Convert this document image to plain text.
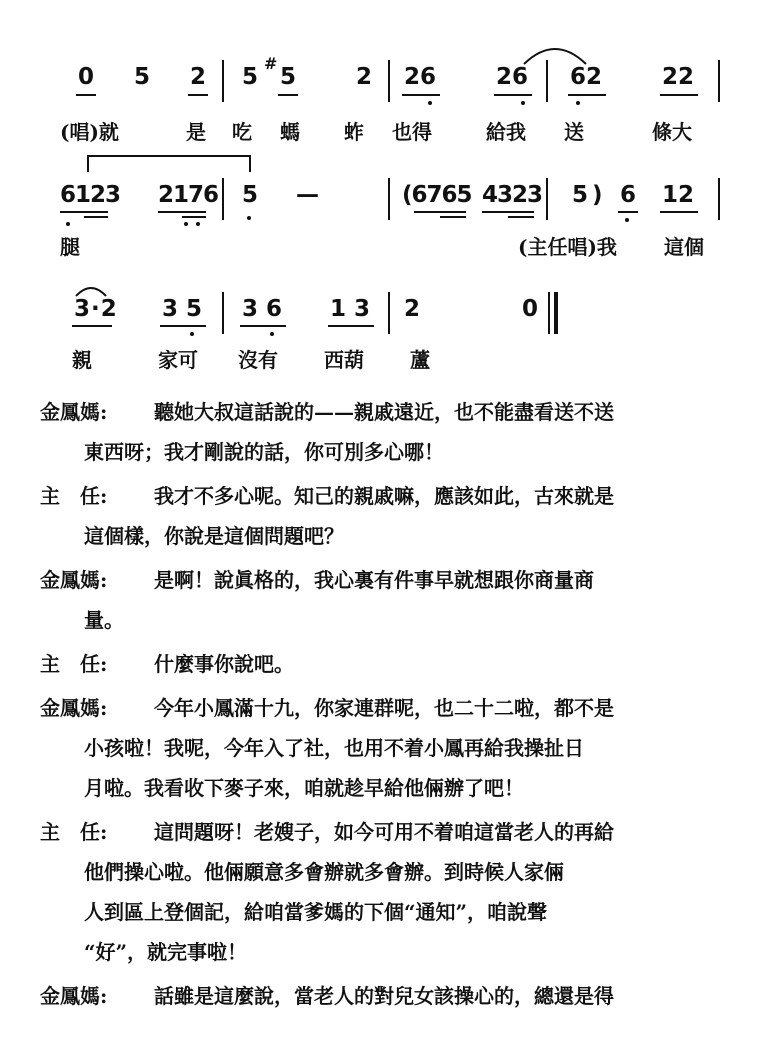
0 5 2 5
#
5	2 26	26 62	22
(唱)就	是 吃 螞 蚱 也得	給我 送	條大
6123 2176 5 —	(6765 4323 5 ) 6 12
腿	(主任唱)我 這個
3·2 35 36 13 2	0
親	家可 沒有 西葫 蘆
金鳳媽: 聽她大叔這話說的——親戚遠近，也不能盡看送不送
東西呀；我才剛說的話，你可別多心哪！
主　任: 我才不多心呢。知己的親戚嘛，應該如此，古來就是
這個樣，你說是這個問題吧？
金鳳媽: 是啊！說眞格的，我心裏有件事早就想跟你商量商
量。
主　任: 什麼事你說吧。
金鳳媽: 今年小鳳滿十九，你家連群呢，也二十二啦，都不是
小孩啦！我呢，今年入了社，也用不着小鳳再給我操扯日
月啦。我看收下麥子來，咱就趁早給他倆辦了吧！
主　任: 這問題呀！老嫂子，如今可用不着咱這當老人的再給
他們操心啦。他倆願意多會辦就多會辦。到時候人家倆
人到區上登個記，給咱當爹媽的下個“通知”，咱說聲
“好”，就完事啦！
金鳳媽: 話雖是這麼說，當老人的對兒女該操心的，總還是得
